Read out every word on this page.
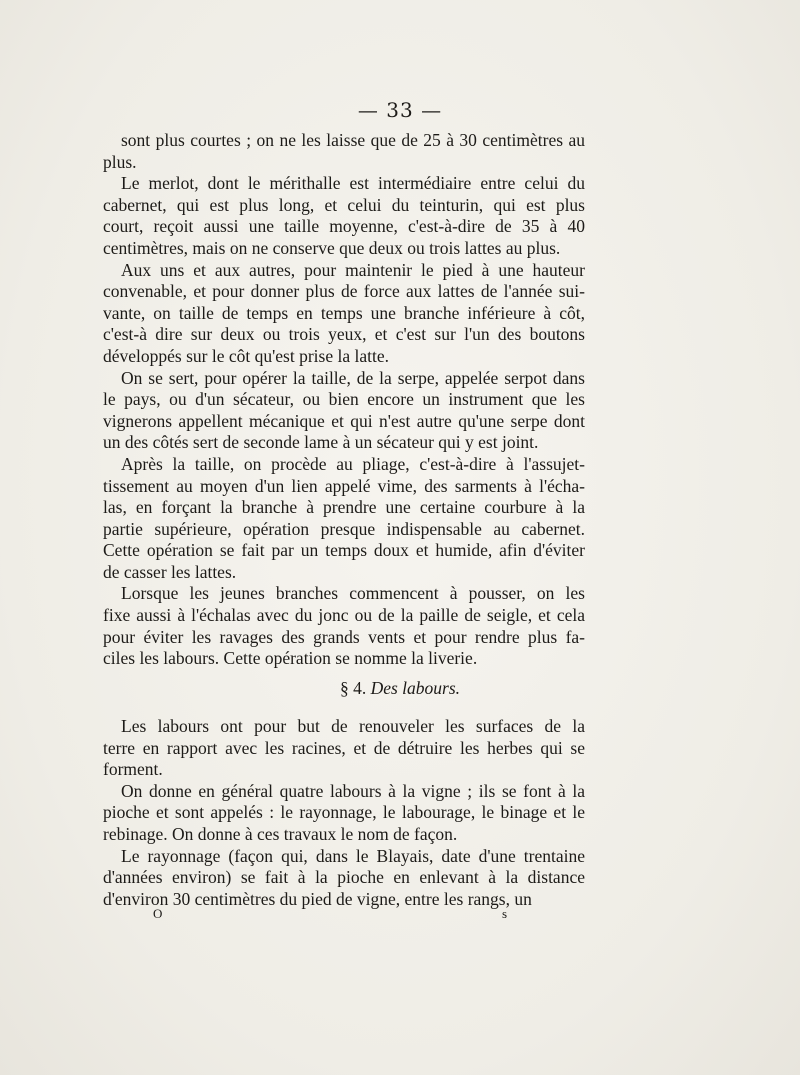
— 33 —
sont plus courtes ; on ne les laisse que de 25 à 30 centimètres au
plus.
Le merlot, dont le mérithalle est intermédiaire entre celui du
cabernet, qui est plus long, et celui du teinturin, qui est plus
court, reçoit aussi une taille moyenne, c'est-à-dire de 35 à 40
centimètres, mais on ne conserve que deux ou trois lattes au plus.
Aux uns et aux autres, pour maintenir le pied à une hauteur
convenable, et pour donner plus de force aux lattes de l'année sui-
vante, on taille de temps en temps une branche inférieure à côt,
c'est-à dire sur deux ou trois yeux, et c'est sur l'un des boutons
développés sur le côt qu'est prise la latte.
On se sert, pour opérer la taille, de la serpe, appelée serpot dans
le pays, ou d'un sécateur, ou bien encore un instrument que les
vignerons appellent mécanique et qui n'est autre qu'une serpe dont
un des côtés sert de seconde lame à un sécateur qui y est joint.
Après la taille, on procède au pliage, c'est-à-dire à l'assujet-
tissement au moyen d'un lien appelé vime, des sarments à l'écha-
las, en forçant la branche à prendre une certaine courbure à la
partie supérieure, opération presque indispensable au cabernet.
Cette opération se fait par un temps doux et humide, afin d'éviter
de casser les lattes.
Lorsque les jeunes branches commencent à pousser, on les
fixe aussi à l'échalas avec du jonc ou de la paille de seigle, et cela
pour éviter les ravages des grands vents et pour rendre plus fa-
ciles les labours. Cette opération se nomme la liverie.
§ 4. Des labours.
Les labours ont pour but de renouveler les surfaces de la
terre en rapport avec les racines, et de détruire les herbes qui se
forment.
On donne en général quatre labours à la vigne ; ils se font à la
pioche et sont appelés : le rayonnage, le labourage, le binage et le
rebinage. On donne à ces travaux le nom de façon.
Le rayonnage (façon qui, dans le Blayais, date d'une trentaine
d'années environ) se fait à la pioche en enlevant à la distance
d'environ 30 centimètres du pied de vigne, entre les rangs, un
O	s
